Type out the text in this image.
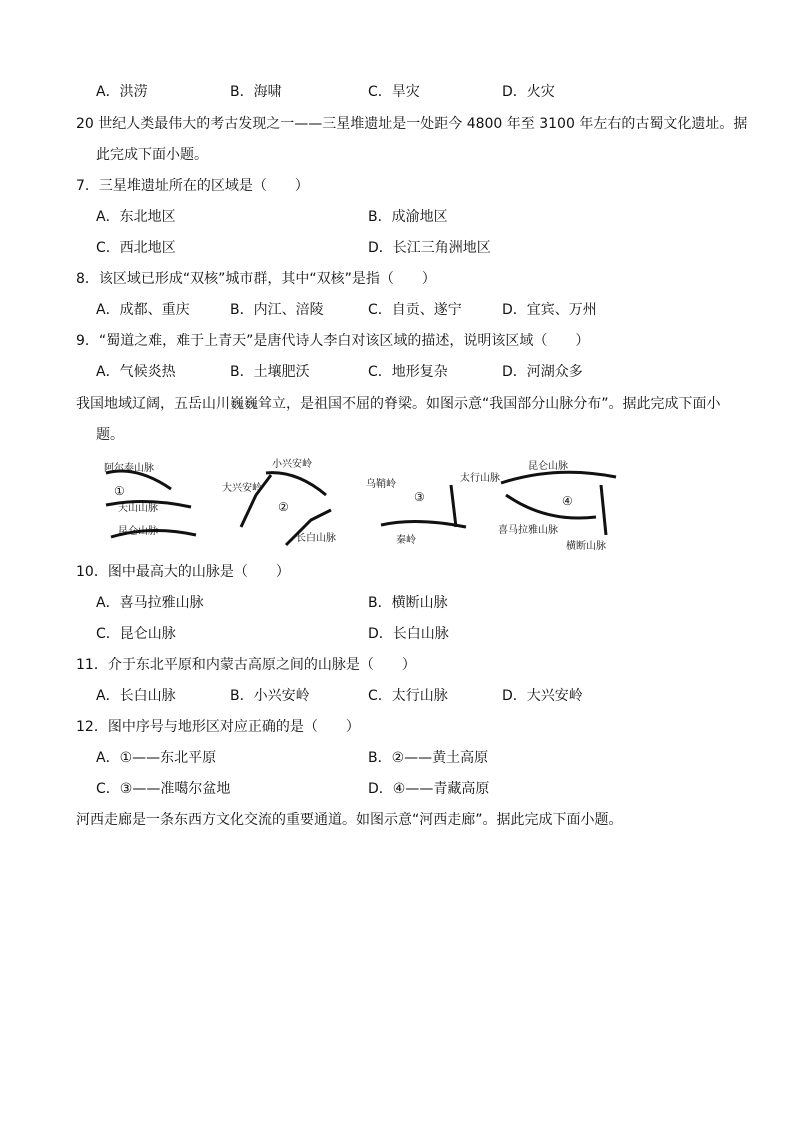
A．洪涝	B．海啸	C．旱灾	D．火灾
20 世纪人类最伟大的考古发现之一——三星堆遗址是一处距今 4800 年至 3100 年左右的古蜀文化遗址。据
此完成下面小题。
7．三星堆遗址所在的区域是（　　）
A．东北地区	B．成渝地区
C．西北地区	D．长江三角洲地区
8．该区域已形成“双核”城市群，其中“双核”是指（　　）
A．成都、重庆	B．内江、涪陵	C．自贡、遂宁	D．宜宾、万州
9．“蜀道之难，难于上青天”是唐代诗人李白对该区域的描述，说明该区域（　　）
A．气候炎热	B．土壤肥沃	C．地形复杂	D．河湖众多
我国地域辽阔，五岳山川巍巍耸立，是祖国不屈的脊梁。如图示意“我国部分山脉分布”。据此完成下面小
题。
阿尔泰山脉
天山山脉
昆仑山脉
①	大兴安岭
小兴安岭
长白山脉
②
乌鞘岭
太行山脉
秦岭
③
昆仑山脉
喜马拉雅山脉
横断山脉
④
10．图中最高大的山脉是（　　）
A．喜马拉雅山脉	B．横断山脉
C．昆仑山脉	D．长白山脉
11．介于东北平原和内蒙古高原之间的山脉是（　　）
A．长白山脉	B．小兴安岭	C．太行山脉	D．大兴安岭
12．图中序号与地形区对应正确的是（　　）
A．①——东北平原	B．②——黄土高原
C．③——准噶尔盆地	D．④——青藏高原
河西走廊是一条东西方文化交流的重要通道。如图示意“河西走廊”。据此完成下面小题。
